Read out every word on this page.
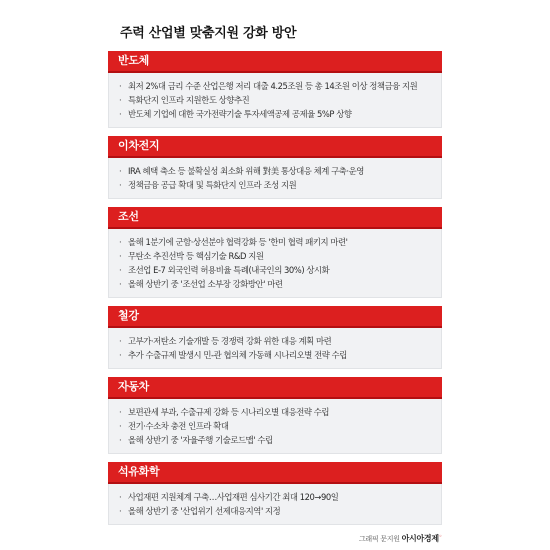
주력 산업별 맞춤지원 강화 방안
반도체
· 최저 2%대 금리 수준 산업은행 저리 대출 4.25조원 등 총 14조원 이상 정책금융 지원
· 특화단지 인프라 지원한도 상향추진
· 반도체 기업에 대한 국가전략기술 투자세액공제 공제율 5%P 상향
이차전지
· IRA 혜택 축소 등 불확실성 최소화 위해 對美 통상대응 체계 구축·운영
· 정책금융 공급 확대 및 특화단지 인프라 조성 지원
조선
· 올해 1분기에 군함·상선분야 협력강화 등 '한미 협력 패키지 마련'
· 무탄소 추진선박 등 핵심기술 R&D 지원
· 조선업 E-7 외국인력 허용비율 특례(내국인의 30%) 상시화
· 올해 상반기 중 '조선업 소부장 강화방안' 마련
철강
· 고부가·저탄소 기술개발 등 경쟁력 강화 위한 대응 계획 마련
· 추가 수출규제 발생시 민-관 협의체 가동해 시나리오별 전략 수립
자동차
· 보편관세 부과, 수출규제 강화 등 시나리오별 대응전략 수립
· 전기·수소차 충전 인프라 확대
· 올해 상반기 중 '자율주행 기술로드맵' 수립
석유화학
· 사업재편 지원체계 구축…사업재편 심사기간 최대 120→90일
· 올해 상반기 중 '산업위기 선제대응지역' 지정
그래픽 문지원 아시아경제◦
